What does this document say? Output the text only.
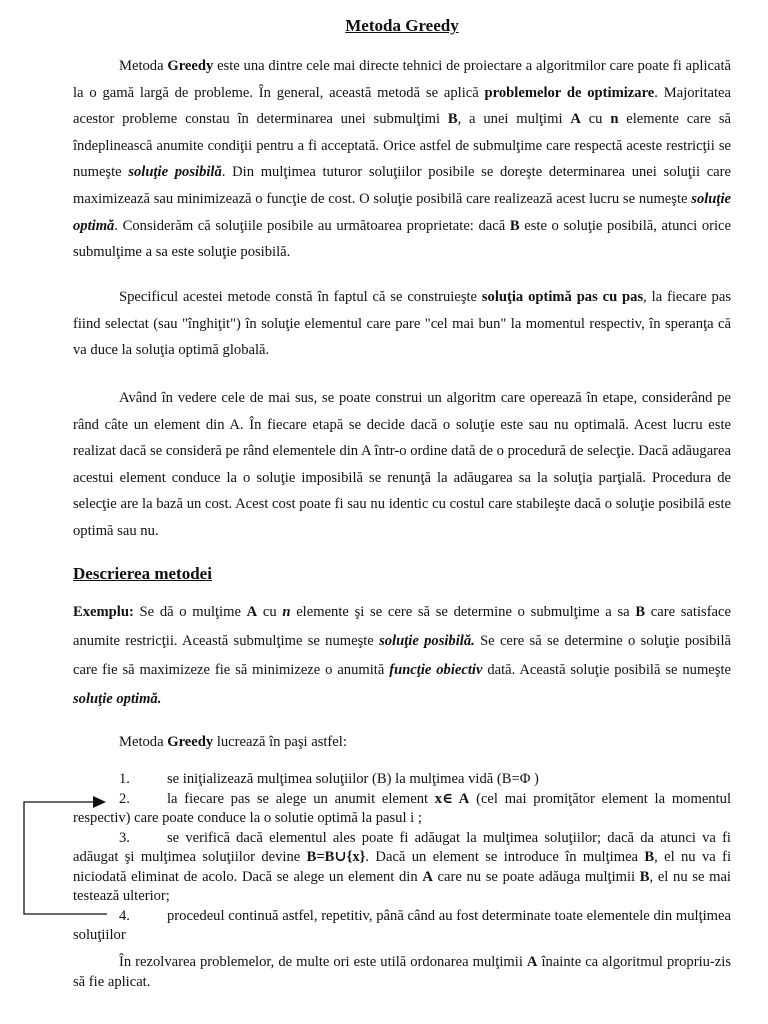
Metoda Greedy

Metoda Greedy este una dintre cele mai directe tehnici de proiectare a algoritmilor care poate fi aplicată la o gamă largă de probleme. În general, această metodă se aplică problemelor de optimizare. Majoritatea acestor probleme constau în determinarea unei submulţimi B, a unei mulţimi A cu n elemente care să îndeplinească anumite condiţii pentru a fi acceptată. Orice astfel de submulţime care respectă aceste restricţii se numeşte soluţie posibilă. Din mulţimea tuturor soluţiilor posibile se doreşte determinarea unei soluţii care maximizează sau minimizează o funcţie de cost. O soluţie posibilă care realizează acest lucru se numeşte soluţie optimă. Considerăm că soluţiile posibile au următoarea proprietate: dacă B este o soluţie posibilă, atunci orice submulţime a sa este soluţie posibilă.

Specificul acestei metode constă în faptul că se construieşte soluţia optimă pas cu pas, la fiecare pas fiind selectat (sau "înghiţit") în soluţie elementul care pare "cel mai bun" la momentul respectiv, în speranţa că va duce la soluţia optimă globală.

Având în vedere cele de mai sus, se poate construi un algoritm care operează în etape, considerând pe rând câte un element din A. În fiecare etapă se decide dacă o soluţie este sau nu optimală. Acest lucru este realizat dacă se consideră pe rând elementele din A într-o ordine dată de o procedură de selecţie. Dacă adăugarea acestui element conduce la o soluţie imposibilă se renunţă la adăugarea sa la soluţia parţială. Procedura de selecţie are la bază un cost. Acest cost poate fi sau nu identic cu costul care stabileşte dacă o soluţie posibilă este optimă sau nu.

Descrierea metodei

Exemplu: Se dă o mulţime A cu n elemente şi se cere să se determine o submulţime a sa B care satisface anumite restricţii. Această submulţime se numeşte soluţie posibilă. Se cere să se determine o soluţie posibilă care fie să maximizeze fie să minimizeze o anumită funcţie obiectiv dată. Această soluţie posibilă se numeşte soluţie optimă.

Metoda Greedy lucrează în paşi astfel:

1.	se iniţializează mulţimea soluţiilor (B) la mulţimea vidă (B=Φ )
2.	la fiecare pas se alege un anumit element x∈ A (cel mai promiţător element la momentul respectiv) care poate conduce la o solutie optimă la pasul i ;
3.	se verifică dacă elementul ales poate fi adăugat la mulţimea soluţiilor; dacă da atunci va fi adăugat şi mulţimea soluţiilor devine B=B∪{x}. Dacă un element se introduce în mulţimea B, el nu va fi niciodată eliminat de acolo. Dacă se alege un element din A care nu se poate adăuga mulţimii B, el nu se mai testează ulterior;
4.	procedeul continuă astfel, repetitiv, până când au fost determinate toate elementele din mulţimea soluţiilor

În rezolvarea problemelor, de multe ori este utilă ordonarea mulţimii A înainte ca algoritmul propriu-zis să fie aplicat.
